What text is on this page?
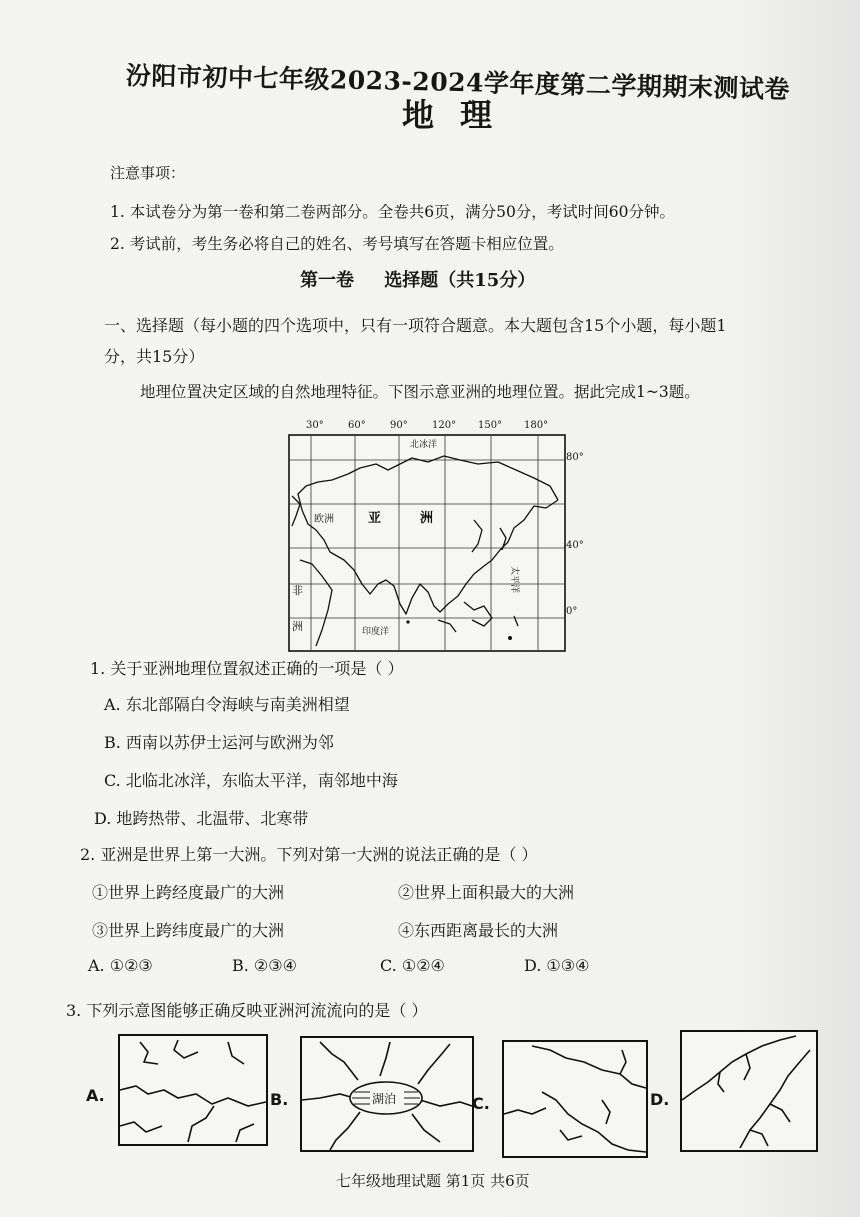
汾阳市初中七年级2023-2024学年度第二学期期末测试卷
地理
注意事项：
1. 本试卷分为第一卷和第二卷两部分。全卷共6页，满分50分，考试时间60分钟。
2. 考试前，考生务必将自己的姓名、考号填写在答题卡相应位置。
第一卷 选择题（共15分）
一、选择题（每小题的四个选项中，只有一项符合题意。本大题包含15个小题，每小题1
分，共15分）
地理位置决定区域的自然地理特征。下图示意亚洲的地理位置。据此完成1~3题。
30° 60° 90° 120° 150° 180°
北冰洋
欧洲	亚	洲
太平洋
非
洲	印度洋
80°
40°
0°
1. 关于亚洲地理位置叙述正确的一项是（ ）
A. 东北部隔白令海峡与南美洲相望
B. 西南以苏伊士运河与欧洲为邻
C. 北临北冰洋，东临太平洋，南邻地中海
D. 地跨热带、北温带、北寒带
2. 亚洲是世界上第一大洲。下列对第一大洲的说法正确的是（ ）
①世界上跨经度最广的大洲	②世界上面积最大的大洲
③世界上跨纬度最广的大洲	④东西距离最长的大洲
A. ①②③	B. ②③④	C. ①②④	D. ①③④
3. 下列示意图能够正确反映亚洲河流流向的是（ ）
A.	B.	湖泊	C.	D.
七年级地理试题 第1页 共6页
